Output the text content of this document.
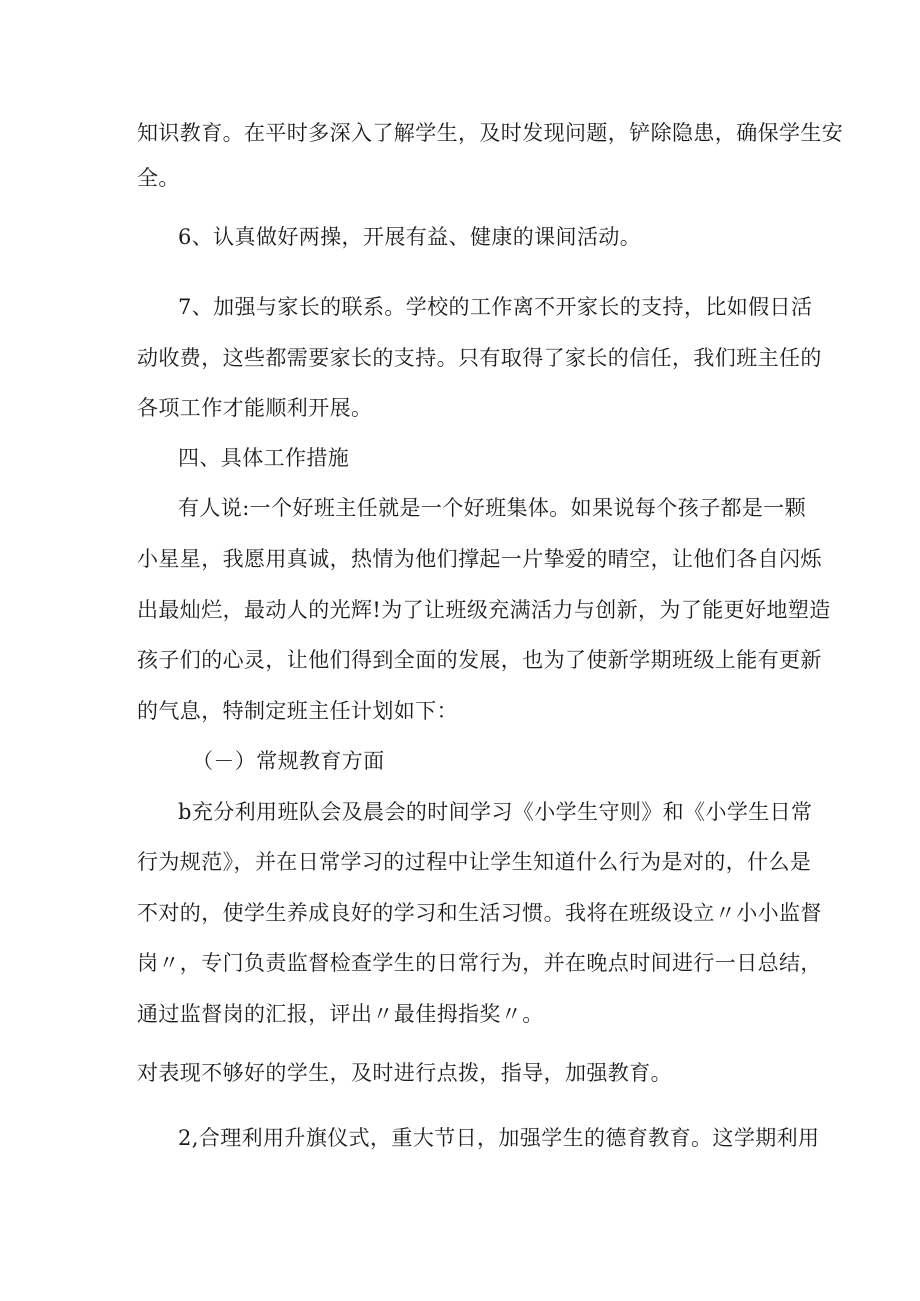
知识教育。在平时多深入了解学生，及时发现问题，铲除隐患，确保学生安
全。
6、认真做好两操，开展有益、健康的课间活动。
7、加强与家长的联系。学校的工作离不开家长的支持，比如假日活
动收费，这些都需要家长的支持。只有取得了家长的信任，我们班主任的
各项工作才能顺利开展。
四、具体工作措施
有人说:一个好班主任就是一个好班集体。如果说每个孩子都是一颗
小星星，我愿用真诚，热情为他们撑起一片挚爱的晴空，让他们各自闪烁
出最灿烂，最动人的光辉!为了让班级充满活力与创新，为了能更好地塑造
孩子们的心灵，让他们得到全面的发展，也为了使新学期班级上能有更新
的气息，特制定班主任计划如下：
（－）常规教育方面
b充分利用班队会及晨会的时间学习《小学生守则》和《小学生日常
行为规范》，并在日常学习的过程中让学生知道什么行为是对的，什么是
不对的，使学生养成良好的学习和生活习惯。我将在班级设立〃小小监督
岗〃，专门负责监督检查学生的日常行为，并在晚点时间进行一日总结，
通过监督岗的汇报，评出〃最佳拇指奖〃。
对表现不够好的学生，及时进行点拨，指导，加强教育。
2,合理利用升旗仪式，重大节日，加强学生的德育教育。这学期利用
